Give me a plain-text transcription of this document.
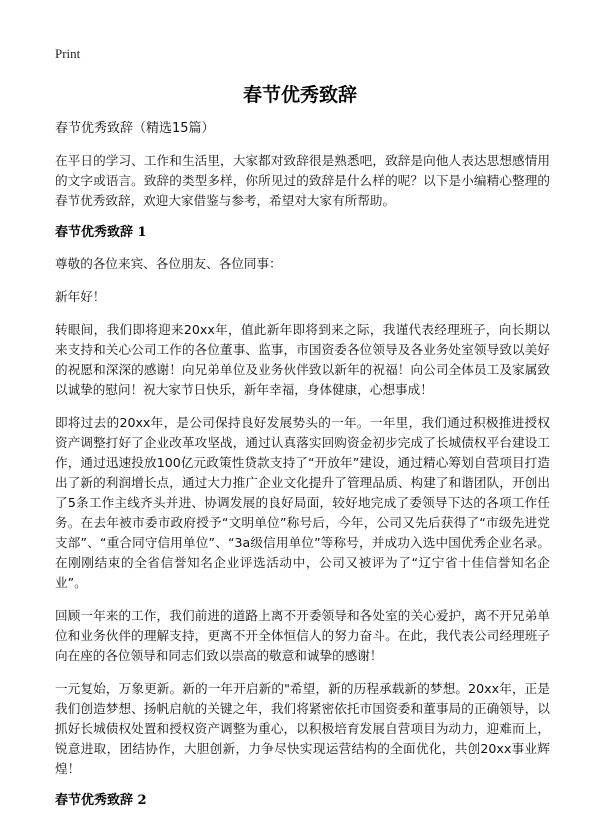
Print
春节优秀致辞

春节优秀致辞（精选15篇）

在平日的学习、工作和生活里，大家都对致辞很是熟悉吧，致辞是向他人表达思想感情用的文字或语言。致辞的类型多样，你所见过的致辞是什么样的呢？以下是小编精心整理的春节优秀致辞，欢迎大家借鉴与参考，希望对大家有所帮助。

春节优秀致辞 1

尊敬的各位来宾、各位朋友、各位同事：

新年好！

转眼间，我们即将迎来20xx年，值此新年即将到来之际，我谨代表经理班子，向长期以来支持和关心公司工作的各位董事、监事，市国资委各位领导及各业务处室领导致以美好的祝愿和深深的感谢！向兄弟单位及业务伙伴致以新年的祝福！向公司全体员工及家属致以诚挚的慰问！祝大家节日快乐，新年幸福，身体健康，心想事成！

即将过去的20xx年，是公司保持良好发展势头的一年。一年里，我们通过积极推进授权资产调整打好了企业改革攻坚战，通过认真落实回购资金初步完成了长城债权平台建设工作，通过迅速投放100亿元政策性贷款支持了“开放年”建设，通过精心筹划自营项目打造出了新的利润增长点，通过大力推广企业文化提升了管理品质、构建了和谐团队，开创出了5条工作主线齐头并进、协调发展的良好局面，较好地完成了委领导下达的各项工作任务。在去年被市委市政府授予“文明单位”称号后，今年，公司又先后获得了“市级先进党支部”、“重合同守信用单位”、“3a级信用单位”等称号，并成功入选中国优秀企业名录。在刚刚结束的全省信誉知名企业评选活动中，公司又被评为了“辽宁省十佳信誉知名企业”。

回顾一年来的工作，我们前进的道路上离不开委领导和各处室的关心爱护，离不开兄弟单位和业务伙伴的理解支持，更离不开全体恒信人的努力奋斗。在此，我代表公司经理班子向在座的各位领导和同志们致以崇高的敬意和诚挚的感谢！

一元复始，万象更新。新的一年开启新的"希望，新的历程承载新的梦想。20xx年，正是我们创造梦想、扬帆启航的关键之年，我们将紧密依托市国资委和董事局的正确领导，以抓好长城债权处置和授权资产调整为重心，以积极培育发展自营项目为动力，迎难而上，锐意进取，团结协作，大胆创新，力争尽快实现运营结构的全面优化，共创20xx事业辉煌！

春节优秀致辞 2
